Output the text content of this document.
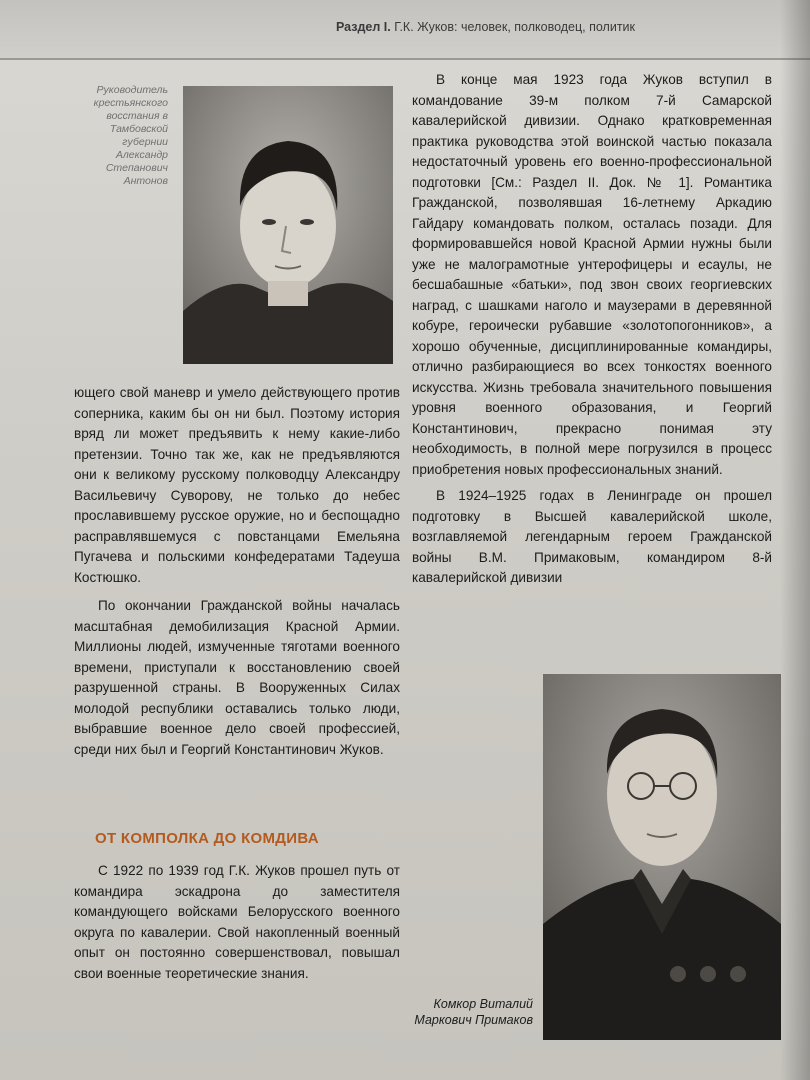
Раздел I. Г.К. Жуков: человек, полководец, политик
Руководитель крестьянского восстания в Тамбовской губернии Александр Степанович Антонов

ющего свой маневр и умело действующего против соперника, каким бы он ни был. Поэтому история вряд ли может предъявить к нему какие-либо претензии. Точно так же, как не предъявляются они к великому русскому полководцу Александру Васильевичу Суворову, не только до небес прославившему русское оружие, но и беспощадно расправлявшемуся с повстанцами Емельяна Пугачева и польскими конфедератами Тадеуша Костюшко.

По окончании Гражданской войны началась масштабная демобилизация Красной Армии. Миллионы людей, измученные тяготами военного времени, приступали к восстановлению своей разрушенной страны. В Вооруженных Силах молодой республики оставались только люди, выбравшие военное дело своей профессией, среди них был и Георгий Константинович Жуков.

ОТ КОМПОЛКА ДО КОМДИВА

С 1922 по 1939 год Г.К. Жуков прошел путь от командира эскадрона до заместителя командующего войсками Белорусского военного округа по кавалерии. Свой накопленный военный опыт он постоянно совершенствовал, повышал свои военные теоретические знания.

В конце мая 1923 года Жуков вступил в командование 39-м полком 7-й Самарской кавалерийской дивизии. Однако кратковременная практика руководства этой воинской частью показала недостаточный уровень его военно-профессиональной подготовки [См.: Раздел II. Док. № 1]. Романтика Гражданской, позволявшая 16-летнему Аркадию Гайдару командовать полком, осталась позади. Для формировавшейся новой Красной Армии нужны были уже не малограмотные унтерофицеры и есаулы, не бесшабашные «батьки», под звон своих георгиевских наград, с шашками наголо и маузерами в деревянной кобуре, героически рубавшие «золотопогонников», а хорошо обученные, дисциплинированные командиры, отлично разбирающиеся во всех тонкостях военного искусства. Жизнь требовала значительного повышения уровня военного образования, и Георгий Константинович, прекрасно понимая эту необходимость, в полной мере погрузился в процесс приобретения новых профессиональных знаний.

В 1924–1925 годах в Ленинграде он прошел подготовку в Высшей кавалерийской школе, возглавляемой легендарным героем Гражданской войны В.М. Примаковым, командиром 8-й кавалерийской дивизии

Комкор Виталий Маркович Примаков
